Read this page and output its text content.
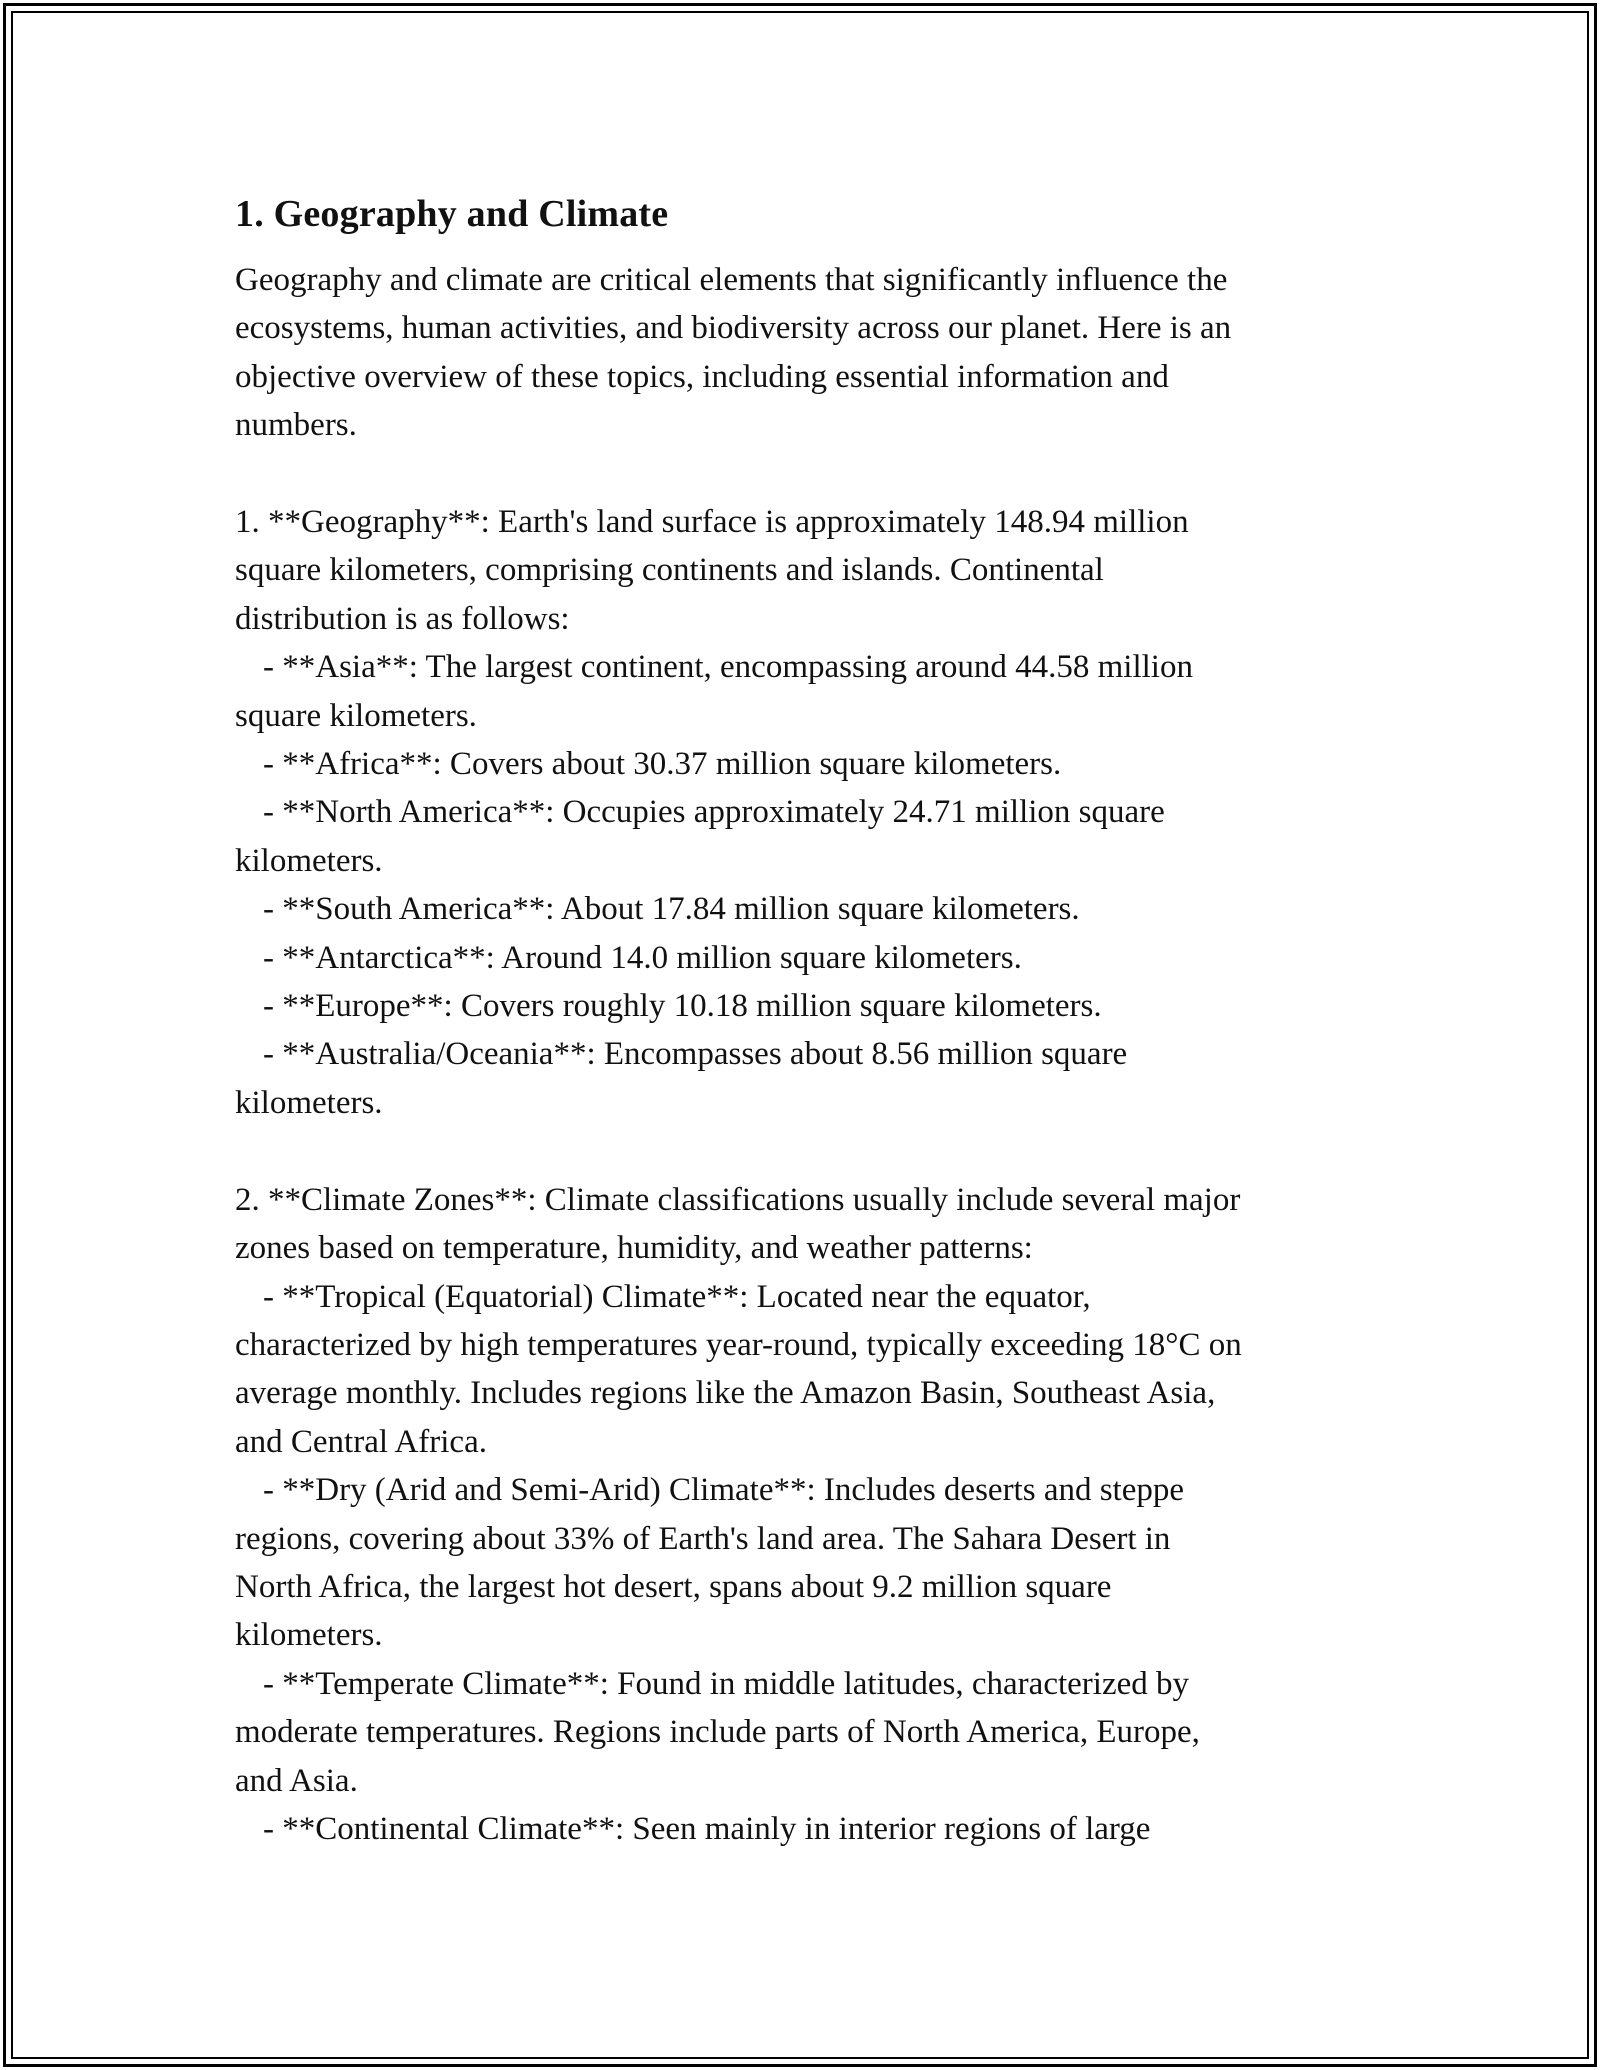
1. Geography and Climate

Geography and climate are critical elements that significantly influence the

ecosystems, human activities, and biodiversity across our planet. Here is an

objective overview of these topics, including essential information and

numbers.

1. **Geography**: Earth's land surface is approximately 148.94 million

square kilometers, comprising continents and islands. Continental

distribution is as follows:

- **Asia**: The largest continent, encompassing around 44.58 million

square kilometers.

- **Africa**: Covers about 30.37 million square kilometers.

- **North America**: Occupies approximately 24.71 million square

kilometers.

- **South America**: About 17.84 million square kilometers.

- **Antarctica**: Around 14.0 million square kilometers.

- **Europe**: Covers roughly 10.18 million square kilometers.

- **Australia/Oceania**: Encompasses about 8.56 million square

kilometers.

2. **Climate Zones**: Climate classifications usually include several major

zones based on temperature, humidity, and weather patterns:

- **Tropical (Equatorial) Climate**: Located near the equator,

characterized by high temperatures year-round, typically exceeding 18°C on

average monthly. Includes regions like the Amazon Basin, Southeast Asia,

and Central Africa.

- **Dry (Arid and Semi-Arid) Climate**: Includes deserts and steppe

regions, covering about 33% of Earth's land area. The Sahara Desert in

North Africa, the largest hot desert, spans about 9.2 million square

kilometers.

- **Temperate Climate**: Found in middle latitudes, characterized by

moderate temperatures. Regions include parts of North America, Europe,

and Asia.

- **Continental Climate**: Seen mainly in interior regions of large
